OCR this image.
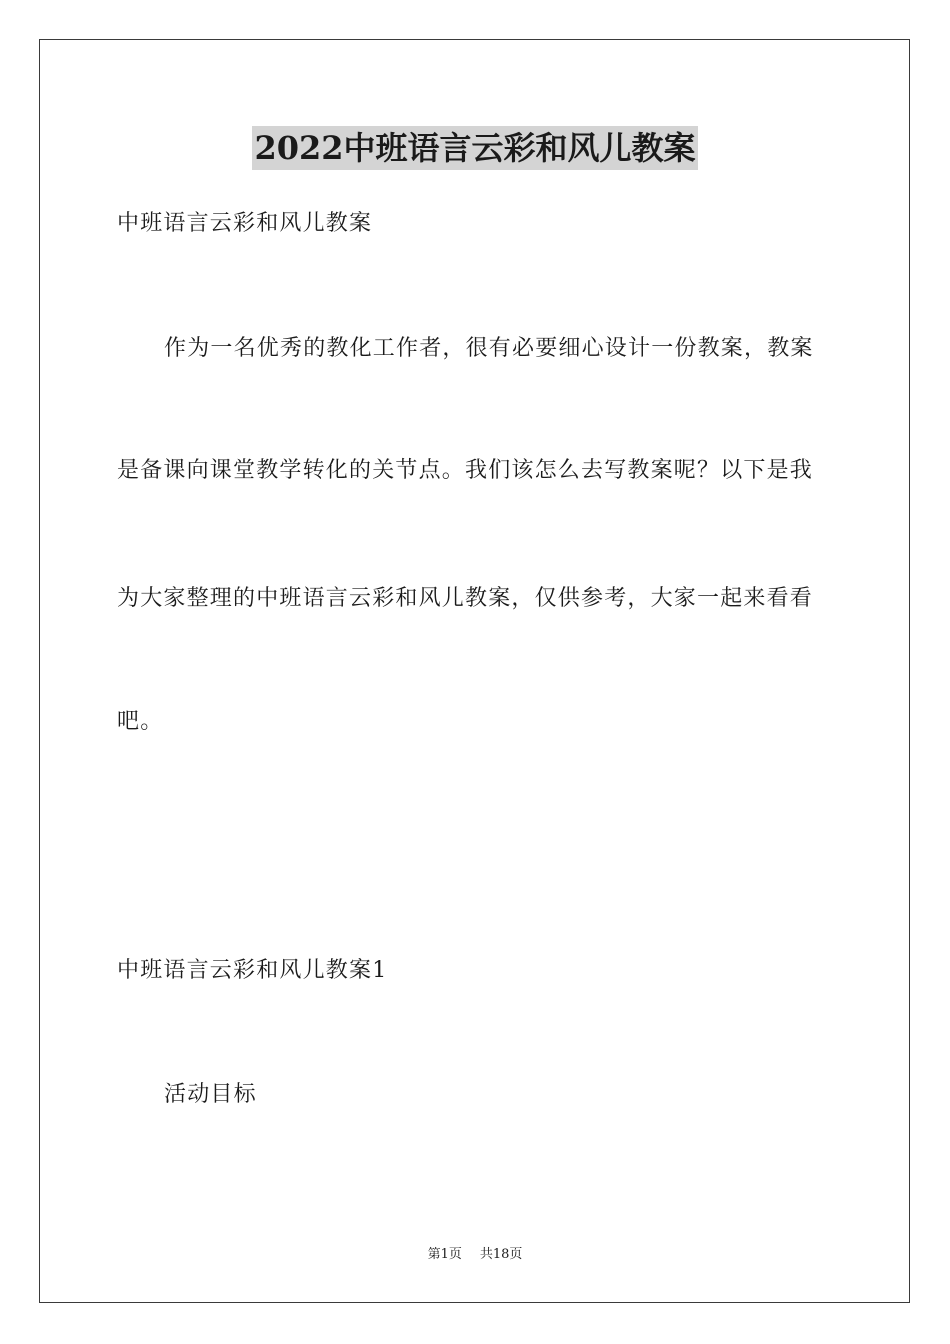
2022中班语言云彩和风儿教案
中班语言云彩和风儿教案
作为一名优秀的教化工作者，很有必要细心设计一份教案，教案
是备课向课堂教学转化的关节点。我们该怎么去写教案呢？以下是我
为大家整理的中班语言云彩和风儿教案，仅供参考，大家一起来看看
吧。
中班语言云彩和风儿教案1
活动目标
第1页 共18页
